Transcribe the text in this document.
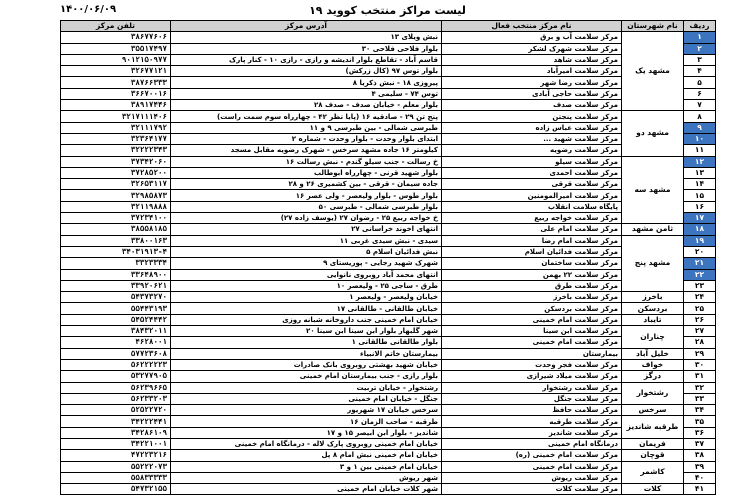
لیست مراکز منتخب کووید ۱۹
۱۴۰۰/۰۶/۰۹
ردیف	نام شهرستان	نام مرکز منتخب فعال	آدرس مرکز	تلفن مرکز
۱	مشهد یک	مرکز سلامت آب و برق	نبش ویلای ۱۳	۳۸۶۷۷۶۰۶
۲		مرکز سلامت شهرک لشکر	بلوار فلاحی فلاحی ۳۰	۳۵۵۱۷۴۹۷
۳		مرکز سلامت شاهد	قاسم آباد - تقاطع بلوار اندیشه و رازی - رازی ۱۰ - کنار پارک	۹۰۱۲۱۵۰۹۷۷
۴		مرکز سلامت امیرآباد	بلوار توس ۹۷ (کال زرکش)	۳۲۶۷۷۱۲۱
۵		مرکز سلامت رضا شهر	پیروزی ۱۸ - نبش ذکریا ۸	۳۸۷۶۶۳۳۳
۶		مرکز سلامت حاجی آبادی	توس ۷۴ - سلیمی ۴	۳۶۶۷۰۰۱۶
۷		مرکز سلامت صدف	بلوار معلم - خیابان صدف - صدف ۲۸	۳۸۹۱۷۴۴۶
۸	مشهد دو	مرکز سلامت پنجتن	پنج تن ۲۹ - صادقیه ۱۶ (پایا نظر ۴۲ - چهارراه سوم سمت راست)	۳۲۱۷۱۱۱۴۰۶
۹		مرکز سلامت عباس زاده	طبرسی شمالی - بین طبرسی ۹ و ۱۱	۳۲۱۱۱۷۹۲
۱۰		مرکز سلامت شهید ...	ابتدای بلوار وحدت - بلوار وحدت - شماره ۲	۳۲۳۶۴۱۷۷
۱۱		مرکز سلامت رضویه	کیلومتر ۱۶ جاده مشهد سرخس - شهرک رضویه مقابل مسجد	۳۲۲۲۲۳۴۳
۱۲	مشهد سه	مرکز سلامت سیلو	خ رسالت - جنب سیلو گندم - نبش رسالت ۱۶	۳۷۳۴۲۰۶۰
۱۳		مرکز سلامت احمدی	بلوار شهید قرنی - چهارراه ابوطالب	۳۷۲۸۵۲۰۰
۱۴		مرکز سلامت قرقی	جاده سیمان - قرقی - بین کشمیری ۲۶ و ۲۸	۳۲۶۵۳۱۱۷
۱۵		مرکز سلامت امیرالمومنین	بلوار طوس - بلوار ولیعصر - ولی عصر ۱۶	۳۲۹۸۵۸۷۳
۱۶		پایگاه سلامت انقلاب	بلوار طبرسی شمالی - طبرسی ۵۰	۳۲۱۱۹۸۸۸
۱۷		مرکز سلامت خواجه ربیع	خ خواجه ربیع ۲۵ - رضوان ۲۷ (یوسف زاده ۲۷)	۳۷۲۳۴۱۰۰
۱۸	ثامن مشهد	مرکز سلامت امام علی	انتهای اخوند خراسانی ۲۷	۳۸۵۵۸۱۸۵
۱۹	مشهد پنج	مرکز سلامت امام رضا	سیدی - نبش سیدی غربی ۱۱	۳۳۸۰۰۱۶۳
۲۰		مرکز سلامت فدائیان اسلام	نبش فدائیان اسلام ۵	۳۴۰۳۱۹۱۳-۴
۲۱		مرکز سلامت ساختمان	شهرک شهید رجایی - پوریستای ۹	۳۳۲۳۳۳۴
۲۲		مرکز سلامت ۲۲ بهمن	انتهای محمد آباد روبروی نانوایی	۳۳۶۴۸۹۰۰
۲۳		مرکز سلامت طرق	طرق - ساجی ۲۵ - ولیعصر ۱۰	۳۳۹۲۰۶۲۱
۲۴	باخرز	مرکز سلامت باخرز	خیابان ولیعصر - ولیعصر ۱	۵۴۳۷۳۲۷۰
۲۵	بردسکن	مرکز سلامت بردسکن	خیابان طالقانی - طالقانی ۱۷	۵۵۴۴۳۱۹۳
۲۶	تایباد	مرکز سلامت امام خمینی	خیابان امام خمینی جنب داروخانه شبانه روزی	۵۴۵۲۴۴۴۲
۲۷	چناران	مرکز سلامت ابن سینا	شهر گلبهار بلوار ابن سینا ابن سینا ۲۰	۳۸۴۳۲۰۱۱
۲۸		مرکز سلامت امام خمینی	بلوار طالقانی طالقانی ۱	۴۶۲۸۰۰۱
۲۹	خلیل آباد	بیمارستان	بیمارستان خاتم الانبیاء	۵۷۷۲۳۶۰۸
۳۰	خواف	مرکز سلامت فجر وحدت	خیابان شهید بهشتی روبروی بانک صادرات	۵۶۲۲۲۲۲۳
۳۱	درگز	مرکز سلامت میلاد شیرازی	بلوار رازی - جنب بیمارستان امام خمینی	۵۳۲۷۷۹۰۵
۳۲	رشتخوار	مرکز سلامت رشتخوار	رشتخوار - خیابان تربیت	۵۶۲۳۹۶۶۵
۳۳		مرکز سلامت جنگل	جنگل - خیابان امام خمینی	۵۶۲۳۳۲۰۳
۳۴	سرخس	مرکز سلامت حافظ	سرخس خیابان ۱۷ شهریور	۵۲۵۲۲۷۲۰
۳۵	طرقبه شاندیز	مرکز سلامت طرقبه	طرقبه - صاحب الزمان ۱۶	۳۴۲۲۲۴۴۱
۳۶		مرکز سلامت شاندیز	شاندیز - بلوار ابن ابیصر ۱۵ و ۱۷	۳۴۲۸۶۱۰۹
۳۷	فریمان	درمانگاه امام خمینی	خیابان امام خمینی روبروی پارک لاله - درمانگاه امام خمینی	۳۴۲۲۱۰۰۱
۳۸	قوچان	مرکز سلامت امام خمینی (ره)	خیابان امام خمینی نبش امام ۸ پل	۴۷۲۲۳۲۱۶
۳۹	کاشمر	مرکز سلامت امام خمینی	خیابان امام خمینی بین ۱ و ۳	۵۵۲۲۲۰۷۳
۴۰		مرکز سلامت ریوش	شهر ریوش	۵۵۸۳۳۳۳۳
۴۱	کلات	مرکز سلامت کلات	شهر کلات خیابان امام خمینی	۵۴۷۳۲۱۵۵
